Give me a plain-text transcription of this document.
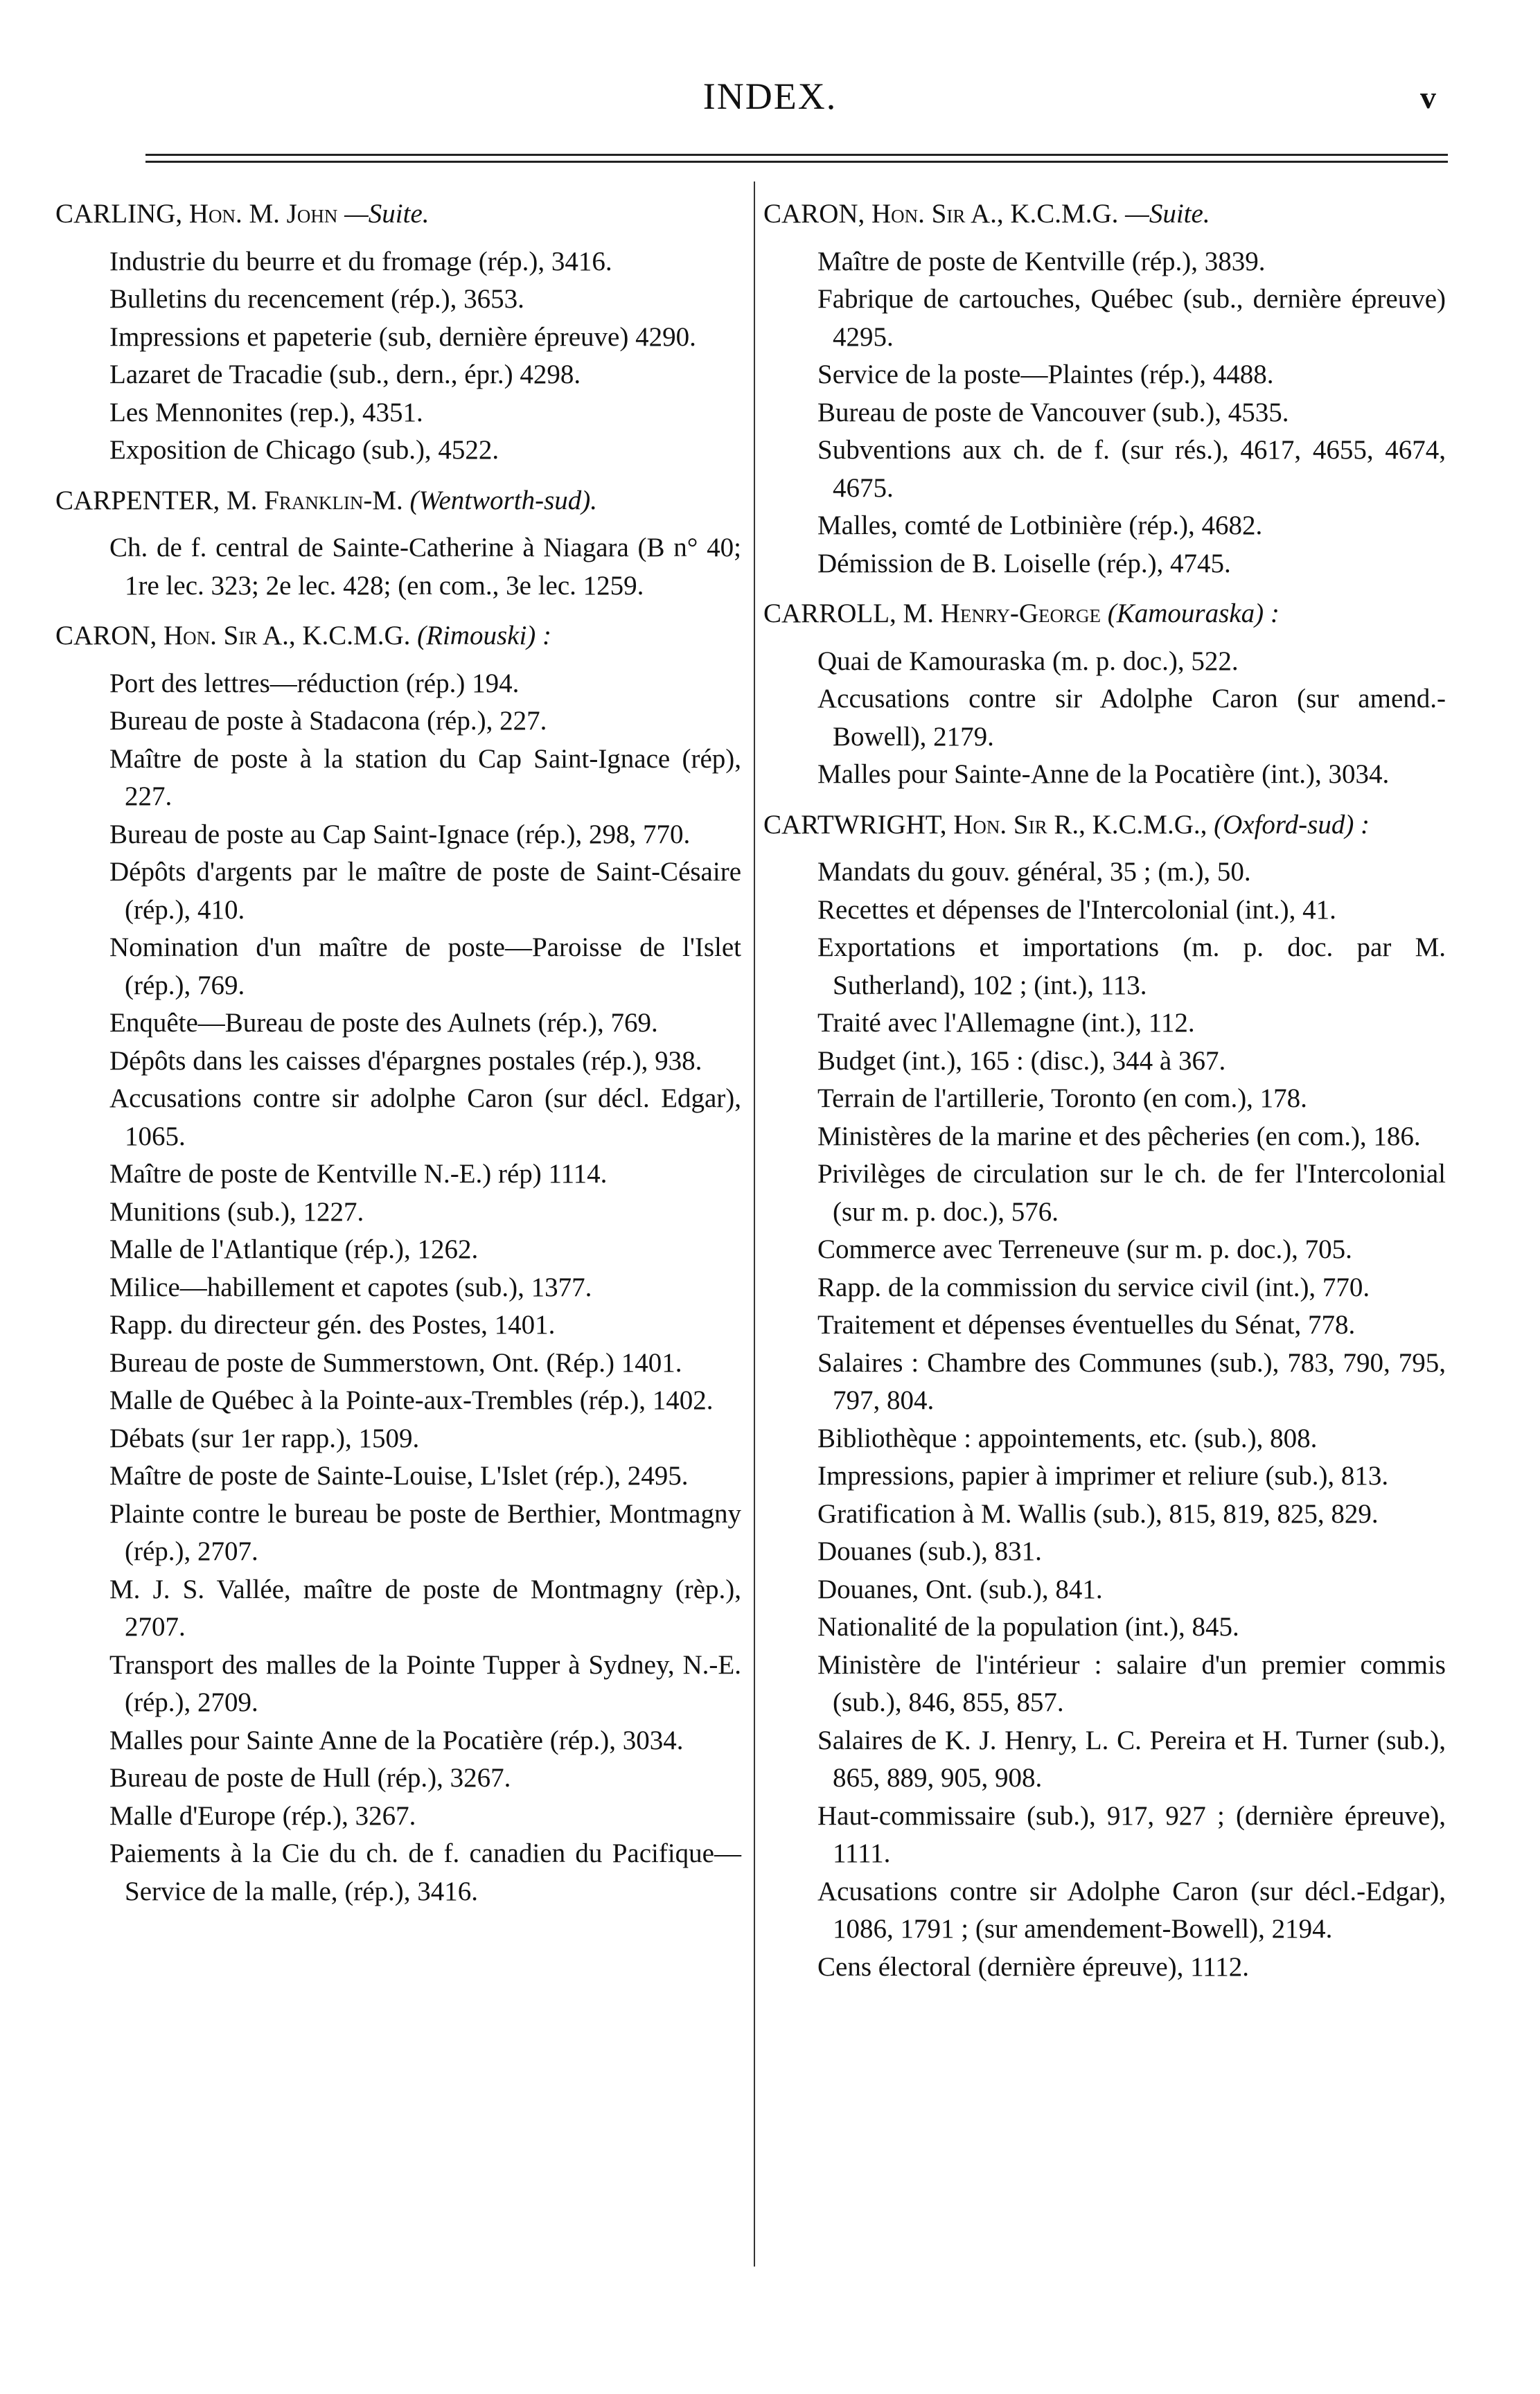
INDEX.	v
CARLING, Hon. M. John —Suite.
Industrie du beurre et du fromage (rép.), 3416.
Bulletins du recencement (rép.), 3653.
Impressions et papeterie (sub, dernière épreuve) 4290.
Lazaret de Tracadie (sub., dern., épr.) 4298.
Les Mennonites (rep.), 4351.
Exposition de Chicago (sub.), 4522.
CARPENTER, M. Franklin-M. (Wentworth-sud).
Ch. de f. central de Sainte-Catherine à Niagara (B n° 40; 1re lec. 323; 2e lec. 428; (en com., 3e lec. 1259.
CARON, Hon. Sir A., K.C.M.G. (Rimouski) :
Port des lettres—réduction (rép.) 194.
Bureau de poste à Stadacona (rép.), 227.
Maître de poste à la station du Cap Saint-Ignace (rép), 227.
Bureau de poste au Cap Saint-Ignace (rép.), 298, 770.
Dépôts d'argents par le maître de poste de Saint-Césaire (rép.), 410.
Nomination d'un maître de poste—Paroisse de l'Islet (rép.), 769.
Enquête—Bureau de poste des Aulnets (rép.), 769.
Dépôts dans les caisses d'épargnes postales (rép.), 938.
Accusations contre sir adolphe Caron (sur décl. Edgar), 1065.
Maître de poste de Kentville N.-E.) rép) 1114.
Munitions (sub.), 1227.
Malle de l'Atlantique (rép.), 1262.
Milice—habillement et capotes (sub.), 1377.
Rapp. du directeur gén. des Postes, 1401.
Bureau de poste de Summerstown, Ont. (Rép.) 1401.
Malle de Québec à la Pointe-aux-Trembles (rép.), 1402.
Débats (sur 1er rapp.), 1509.
Maître de poste de Sainte-Louise, L'Islet (rép.), 2495.
Plainte contre le bureau be poste de Berthier, Montmagny (rép.), 2707.
M. J. S. Vallée, maître de poste de Montmagny (rèp.), 2707.
Transport des malles de la Pointe Tupper à Sydney, N.-E. (rép.), 2709.
Malles pour Sainte Anne de la Pocatière (rép.), 3034.
Bureau de poste de Hull (rép.), 3267.
Malle d'Europe (rép.), 3267.
Paiements à la Cie du ch. de f. canadien du Pacifique—Service de la malle, (rép.), 3416.
CARON, Hon. Sir A., K.C.M.G. —Suite.
Maître de poste de Kentville (rép.), 3839.
Fabrique de cartouches, Québec (sub., dernière épreuve) 4295.
Service de la poste—Plaintes (rép.), 4488.
Bureau de poste de Vancouver (sub.), 4535.
Subventions aux ch. de f. (sur rés.), 4617, 4655, 4674, 4675.
Malles, comté de Lotbinière (rép.), 4682.
Démission de B. Loiselle (rép.), 4745.
CARROLL, M. Henry-George (Kamouraska) :
Quai de Kamouraska (m. p. doc.), 522.
Accusations contre sir Adolphe Caron (sur amend.-Bowell), 2179.
Malles pour Sainte-Anne de la Pocatière (int.), 3034.
CARTWRIGHT, Hon. Sir R., K.C.M.G., (Oxford-sud) :
Mandats du gouv. général, 35 ; (m.), 50.
Recettes et dépenses de l'Intercolonial (int.), 41.
Exportations et importations (m. p. doc. par M. Sutherland), 102 ; (int.), 113.
Traité avec l'Allemagne (int.), 112.
Budget (int.), 165 : (disc.), 344 à 367.
Terrain de l'artillerie, Toronto (en com.), 178.
Ministères de la marine et des pêcheries (en com.), 186.
Privilèges de circulation sur le ch. de fer l'Intercolonial (sur m. p. doc.), 576.
Commerce avec Terreneuve (sur m. p. doc.), 705.
Rapp. de la commission du service civil (int.), 770.
Traitement et dépenses éventuelles du Sénat, 778.
Salaires : Chambre des Communes (sub.), 783, 790, 795, 797, 804.
Bibliothèque : appointements, etc. (sub.), 808.
Impressions, papier à imprimer et reliure (sub.), 813.
Gratification à M. Wallis (sub.), 815, 819, 825, 829.
Douanes (sub.), 831.
Douanes, Ont. (sub.), 841.
Nationalité de la population (int.), 845.
Ministère de l'intérieur : salaire d'un premier commis (sub.), 846, 855, 857.
Salaires de K. J. Henry, L. C. Pereira et H. Turner (sub.), 865, 889, 905, 908.
Haut-commissaire (sub.), 917, 927 ; (dernière épreuve), 1111.
Acusations contre sir Adolphe Caron (sur décl.-Edgar), 1086, 1791 ; (sur amendement-Bowell), 2194.
Cens électoral (dernière épreuve), 1112.
